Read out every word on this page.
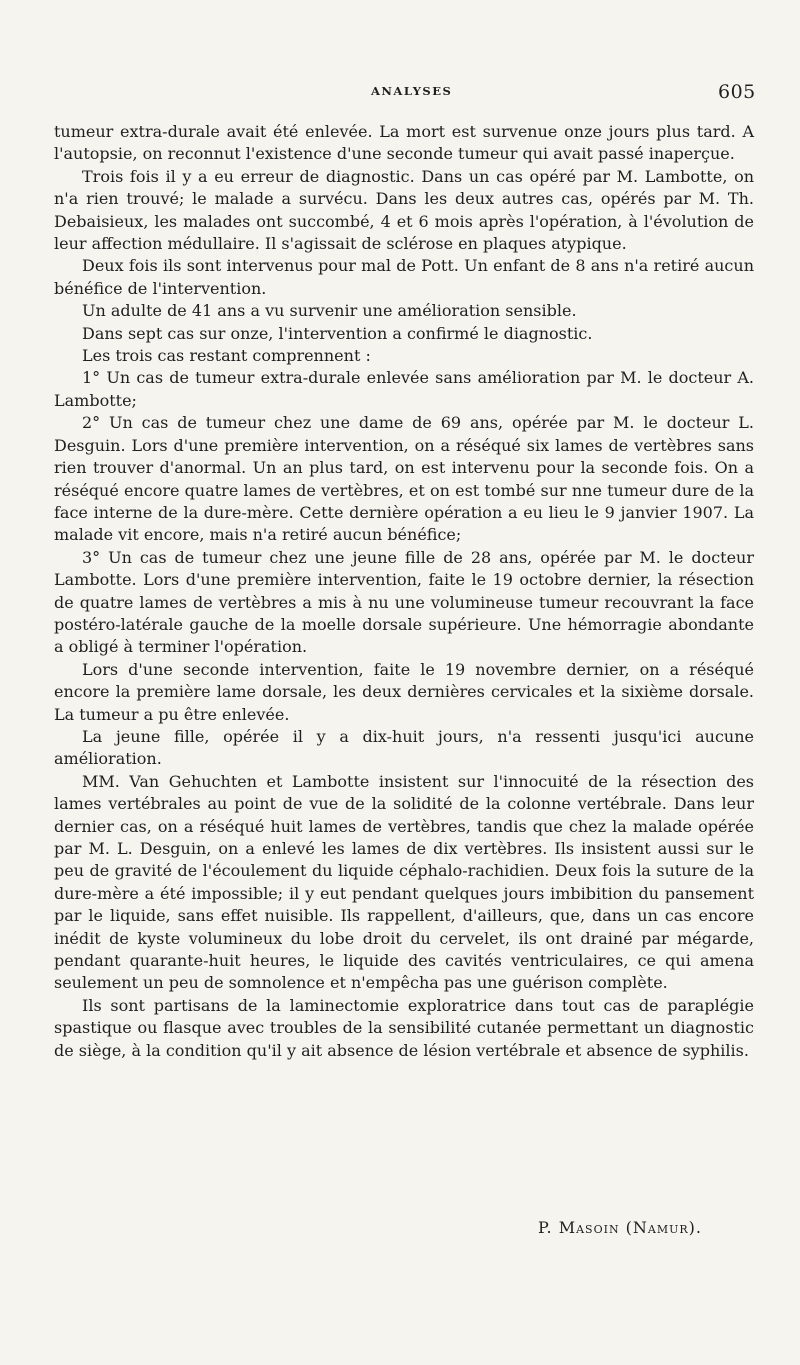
ANALYSES	605

tumeur extra-durale avait été enlevée. La mort est survenue onze jours plus tard. A l'autopsie, on reconnut l'existence d'une seconde tumeur qui avait passé inaperçue.

Trois fois il y a eu erreur de diagnostic. Dans un cas opéré par M. Lambotte, on n'a rien trouvé; le malade a survécu. Dans les deux autres cas, opérés par M. Th. Debaisieux, les malades ont succombé, 4 et 6 mois après l'opération, à l'évolution de leur affection médullaire. Il s'agissait de sclérose en plaques atypique.

Deux fois ils sont intervenus pour mal de Pott. Un enfant de 8 ans n'a retiré aucun bénéfice de l'intervention.

Un adulte de 41 ans a vu survenir une amélioration sensible.

Dans sept cas sur onze, l'intervention a confirmé le diagnostic.

Les trois cas restant comprennent :

1° Un cas de tumeur extra-durale enlevée sans amélioration par M. le docteur A. Lambotte;

2° Un cas de tumeur chez une dame de 69 ans, opérée par M. le docteur L. Desguin. Lors d'une première intervention, on a réséqué six lames de vertèbres sans rien trouver d'anormal. Un an plus tard, on est intervenu pour la seconde fois. On a réséqué encore quatre lames de vertèbres, et on est tombé sur nne tumeur dure de la face interne de la dure-mère. Cette dernière opération a eu lieu le 9 janvier 1907. La malade vit encore, mais n'a retiré aucun bénéfice;

3° Un cas de tumeur chez une jeune fille de 28 ans, opérée par M. le docteur Lambotte. Lors d'une première intervention, faite le 19 octobre dernier, la résection de quatre lames de vertèbres a mis à nu une volumineuse tumeur recouvrant la face postéro-latérale gauche de la moelle dorsale supérieure. Une hémorragie abondante a obligé à terminer l'opération.

Lors d'une seconde intervention, faite le 19 novembre dernier, on a réséqué encore la première lame dorsale, les deux dernières cervicales et la sixième dorsale. La tumeur a pu être enlevée.

La jeune fille, opérée il y a dix-huit jours, n'a ressenti jusqu'ici aucune amélioration.

MM. Van Gehuchten et Lambotte insistent sur l'innocuité de la résection des lames vertébrales au point de vue de la solidité de la colonne vertébrale. Dans leur dernier cas, on a réséqué huit lames de vertèbres, tandis que chez la malade opérée par M. L. Desguin, on a enlevé les lames de dix vertèbres. Ils insistent aussi sur le peu de gravité de l'écoulement du liquide céphalo-rachidien. Deux fois la suture de la dure-mère a été impossible; il y eut pendant quelques jours imbibition du pansement par le liquide, sans effet nuisible. Ils rappellent, d'ailleurs, que, dans un cas encore inédit de kyste volumineux du lobe droit du cervelet, ils ont drainé par mégarde, pendant quarante-huit heures, le liquide des cavités ventriculaires, ce qui amena seulement un peu de somnolence et n'empêcha pas une guérison complète.

Ils sont partisans de la laminectomie exploratrice dans tout cas de paraplégie spastique ou flasque avec troubles de la sensibilité cutanée permettant un diagnostic de siège, à la condition qu'il y ait absence de lésion vertébrale et absence de syphilis.

P. Masoin (Namur).
